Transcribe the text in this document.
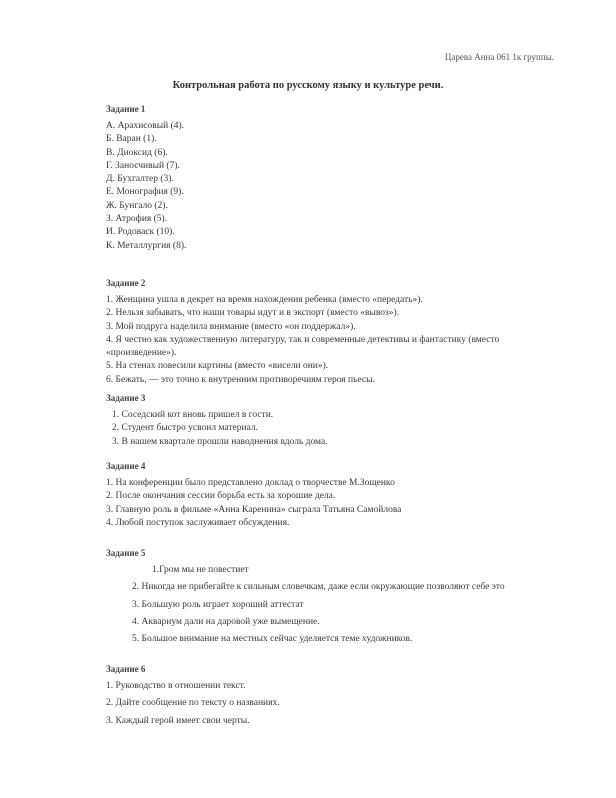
Царева Анна 061 1к группы.
Контрольная работа по русскому языку и культуре речи.
Задание 1
А. Арахисовый (4).
Б. Варан (1).
В. Диоксид (6).
Г. Заносчивый (7).
Д. Бухгалтер (3).
Е. Монография (9).
Ж. Бунгало (2).
З. Атрофия (5).
И. Родоваск (10).
К. Металлургия (8).
Задание 2
1. Женщина ушла в декрет на время нахождения ребенка (вместо «передать»).
2. Нельзя забывать, что наши товары идут и в экспорт (вместо «вывоз»).
3. Мой подруга наделила внимание (вместо «он поддержал»).
4. Я честно как художественную литературу, так и современные детективы и фантастику (вместо «произведение»).
5. На стенах повесили картины (вместо «висели они»).
6. Бежать, — это точно к внутренним противоречиям героя пьесы.
Задание 3
1. Соседский кот вновь пришел в гости.
2. Студент быстро усвоил материал.
3. В нашем квартале прошли наводнения вдоль дома.
Задание 4
1. На конференции было представлено доклад о творчестве М.Зощенко
2. После окончания сессии борьба есть за хорошие дела.
3. Главную роль в фильме «Анна Каренина» сыграла Татьяна Самойлова
4. Любой поступок заслуживает обсуждения.
Задание 5
1.Гром мы не повестиет
2. Никогда не прибегайте к сильным словечкам, даже если окружающие позволяют себе это
3. Большую роль играет хороший аттестат
4. Аквариум дали на даровой уже вымещение.
5. Большое внимание на местных сейчас уделяется теме художников.
Задание 6
1. Руководство в отношении текст.
2. Дайте сообщение по тексту о названиях.
3. Каждый герой имеет свои черты.
